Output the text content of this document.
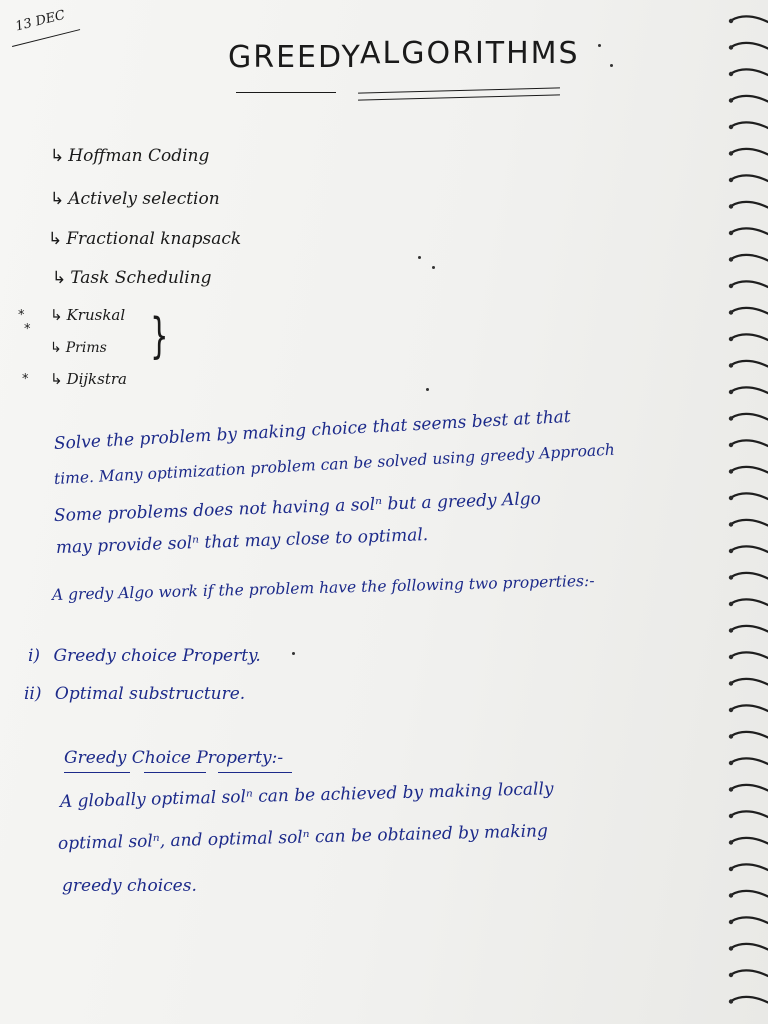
13 DEC
GREEDY
ALGORITHMS
↳ Hoffman Coding
↳ Actively selection
↳ Fractional knapsack
↳ Task Scheduling
↳ Kruskal
↳ Prims
↳ Dijkstra
*
*
*
}
Solve the problem by making choice that seems best at that
time. Many optimization problem can be solved using greedy Approach
Some problems does not having a solⁿ but a greedy Algo
may provide solⁿ that may close to optimal.
A gredy Algo work if the problem have the following two properties:-
i) Greedy choice Property.
ii) Optimal substructure.
Greedy Choice Property:-
A globally optimal solⁿ can be achieved by making locally
optimal solⁿ, and optimal solⁿ can be obtained by making
greedy choices.
